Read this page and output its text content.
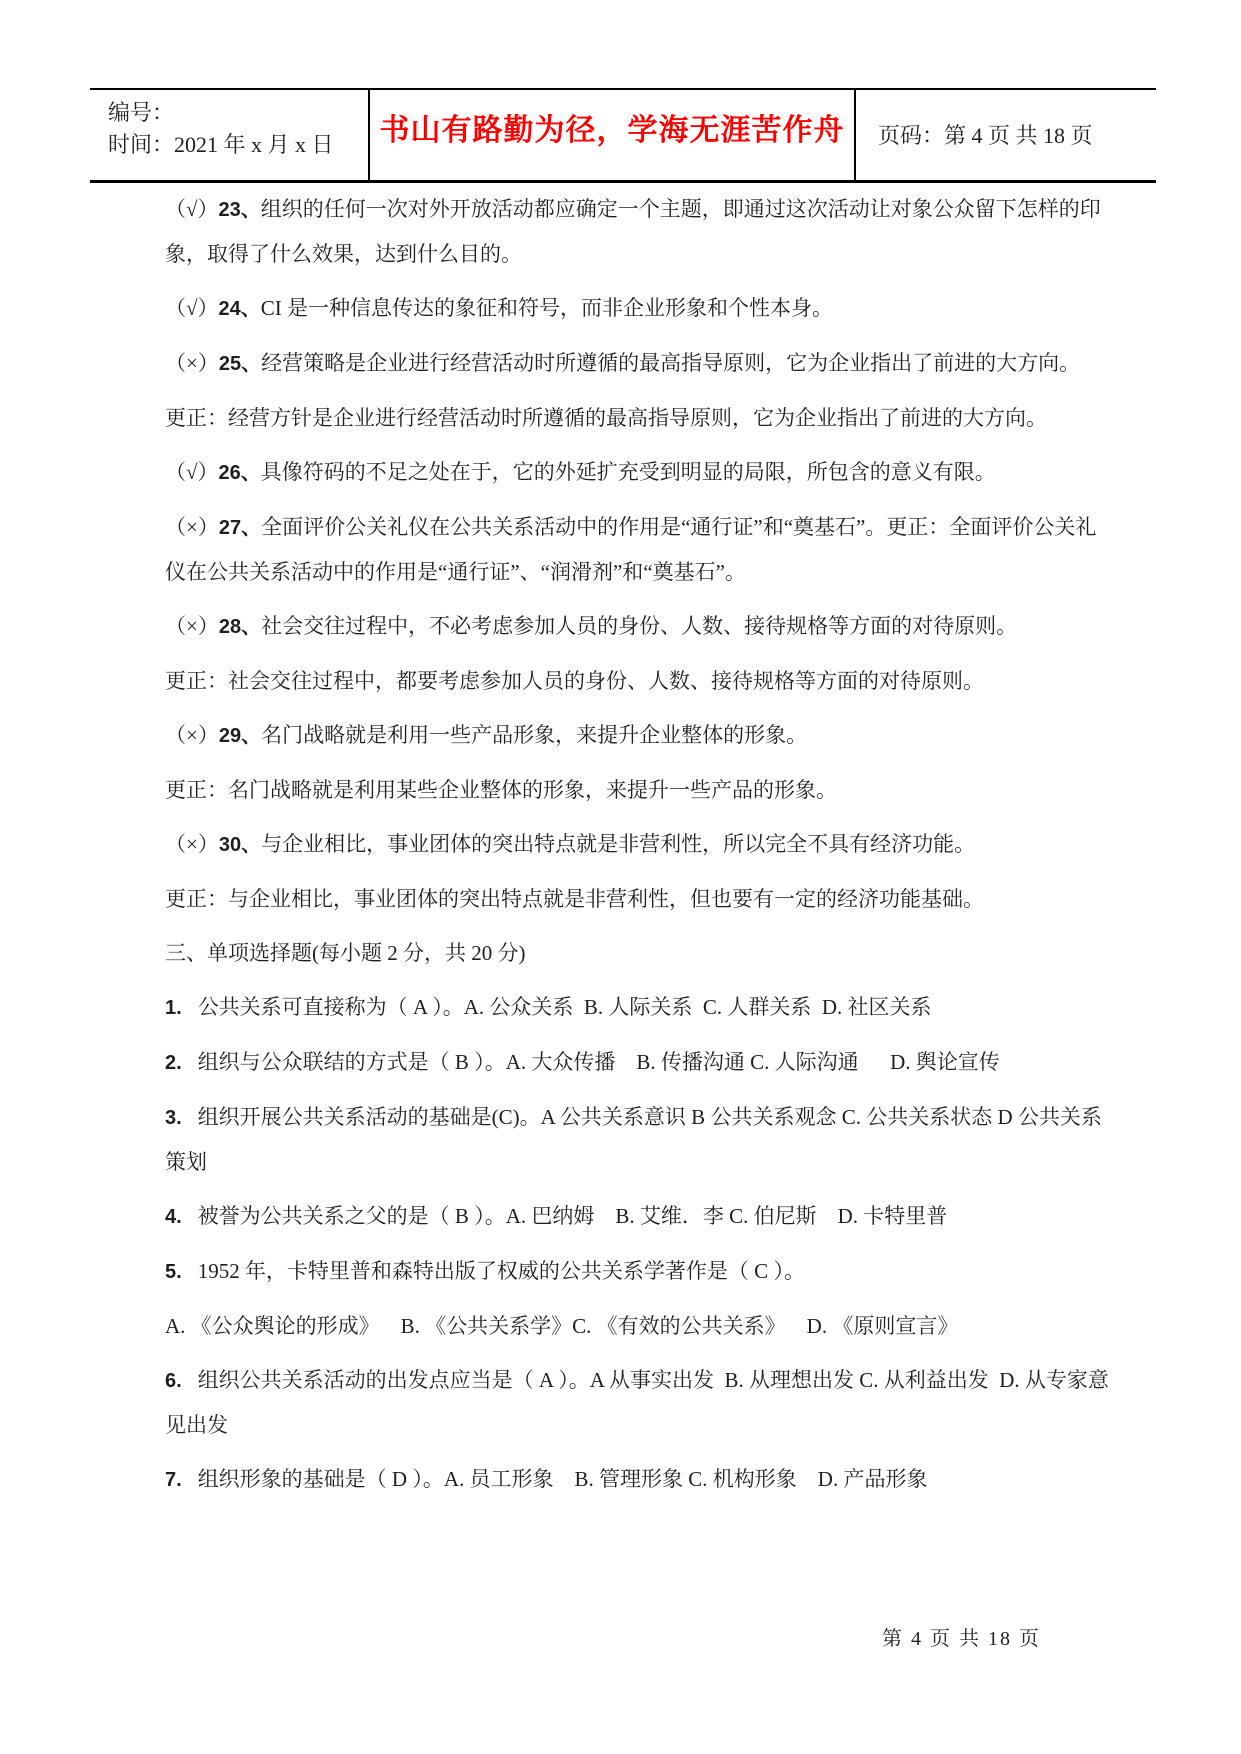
编号：
时间：2021 年 x 月 x 日	书山有路勤为径，学海无涯苦作舟	页码：第 4 页 共 18 页

（√）23、组织的任何一次对外开放活动都应确定一个主题，即通过这次活动让对象公众留下怎样的印象，取得了什么效果，达到什么目的。

（√）24、CI 是一种信息传达的象征和符号，而非企业形象和个性本身。

（×）25、经营策略是企业进行经营活动时所遵循的最高指导原则，它为企业指出了前进的大方向。

更正：经营方针是企业进行经营活动时所遵循的最高指导原则，它为企业指出了前进的大方向。

（√）26、具像符码的不足之处在于，它的外延扩充受到明显的局限，所包含的意义有限。

（×）27、全面评价公关礼仪在公共关系活动中的作用是“通行证”和“奠基石”。更正：全面评价公关礼仪在公共关系活动中的作用是“通行证”、“润滑剂”和“奠基石”。

（×）28、社会交往过程中，不必考虑参加人员的身份、人数、接待规格等方面的对待原则。

更正：社会交往过程中，都要考虑参加人员的身份、人数、接待规格等方面的对待原则。

（×）29、名门战略就是利用一些产品形象，来提升企业整体的形象。

更正：名门战略就是利用某些企业整体的形象，来提升一些产品的形象。

（×）30、与企业相比，事业团体的突出特点就是非营利性，所以完全不具有经济功能。

更正：与企业相比，事业团体的突出特点就是非营利性，但也要有一定的经济功能基础。

三、单项选择题(每小题 2 分，共 20 分)

1. 公共关系可直接称为（ A ）。A. 公众关系  B. 人际关系  C. 人群关系  D. 社区关系

2. 组织与公众联结的方式是（ B ）。A. 大众传播    B. 传播沟通 C. 人际沟通      D. 舆论宣传

3. 组织开展公共关系活动的基础是(C)。A 公共关系意识 B 公共关系观念 C. 公共关系状态 D 公共关系策划

4. 被誉为公共关系之父的是（ B ）。A. 巴纳姆    B. 艾维．李 C. 伯尼斯    D. 卡特里普

5. 1952 年，卡特里普和森特出版了权威的公共关系学著作是（ C ）。

A. 《公众舆论的形成》    B. 《公共关系学》C. 《有效的公共关系》    D. 《原则宣言》

6. 组织公共关系活动的出发点应当是（ A ）。A 从事实出发  B. 从理想出发 C. 从利益出发  D. 从专家意见出发

7. 组织形象的基础是（ D ）。A. 员工形象    B. 管理形象 C. 机构形象    D. 产品形象

第 4 页 共 18 页
